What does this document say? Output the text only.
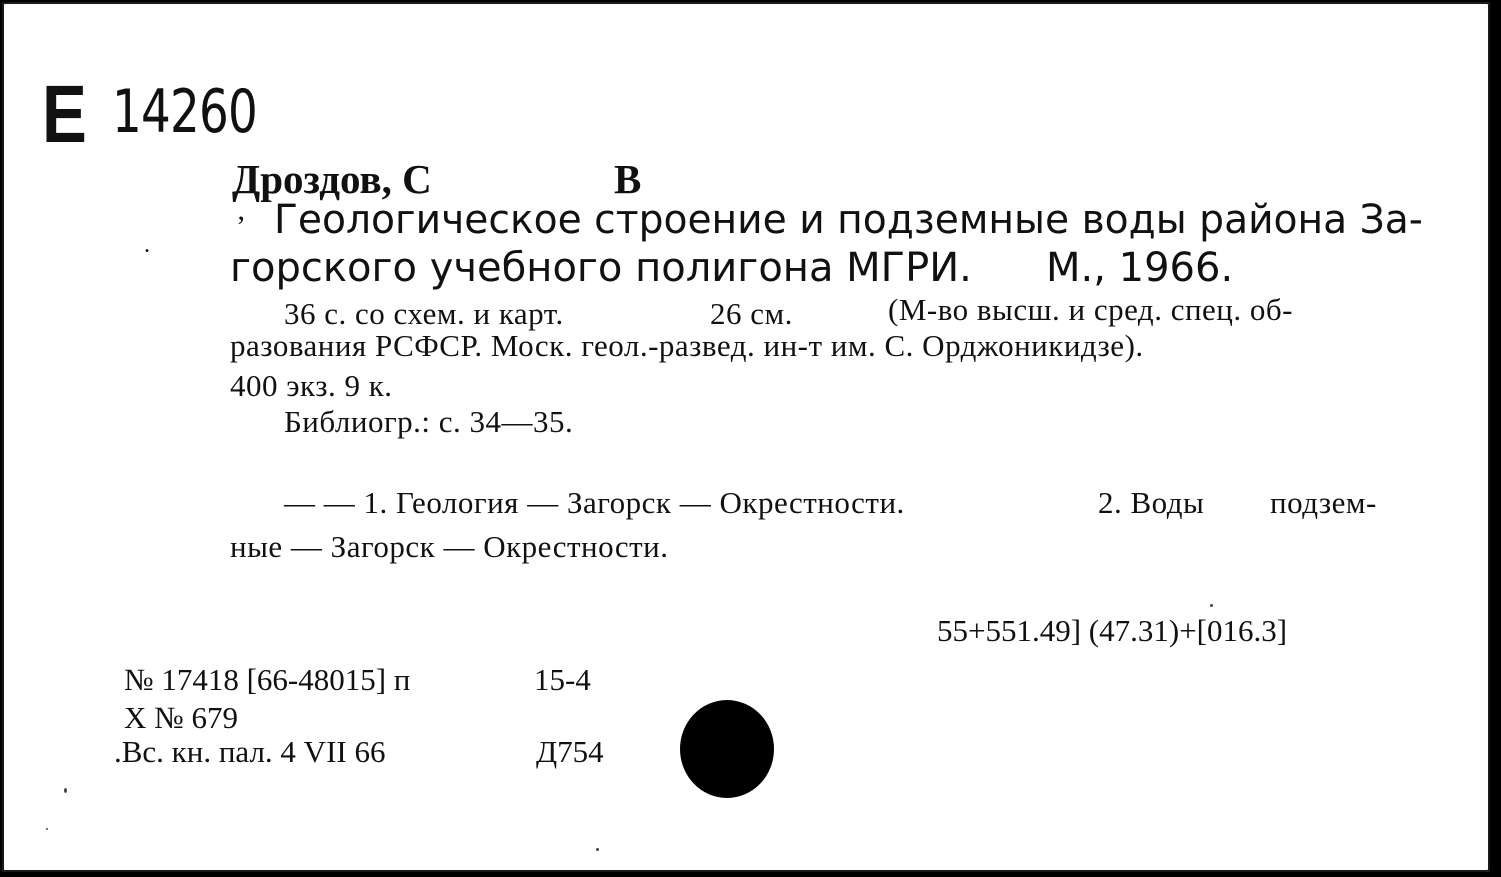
Е 14260
Дроздов, С	В
’
.
Геологическое строение и подземные воды района За-
горского учебного полигона МГРИ. М., 1966.
36 с. со схем. и карт.	26 см.	(М-во высш. и сред. спец. об-
разования РСФСР. Моск. геол.-развед. ин-т им. С. Орджоникидзе).
400 экз. 9 к.
Библиогр.: с. 34—35.
— — 1. Геология — Загорск — Окрестности.	2. Воды подзем-
ные — Загорск — Окрестности.
55+551.49] (47.31)+[016.3]
№ 17418 [66-48015] п	15-4
Х № 679
.Вс. кн. пал. 4 VII 66	Д754
